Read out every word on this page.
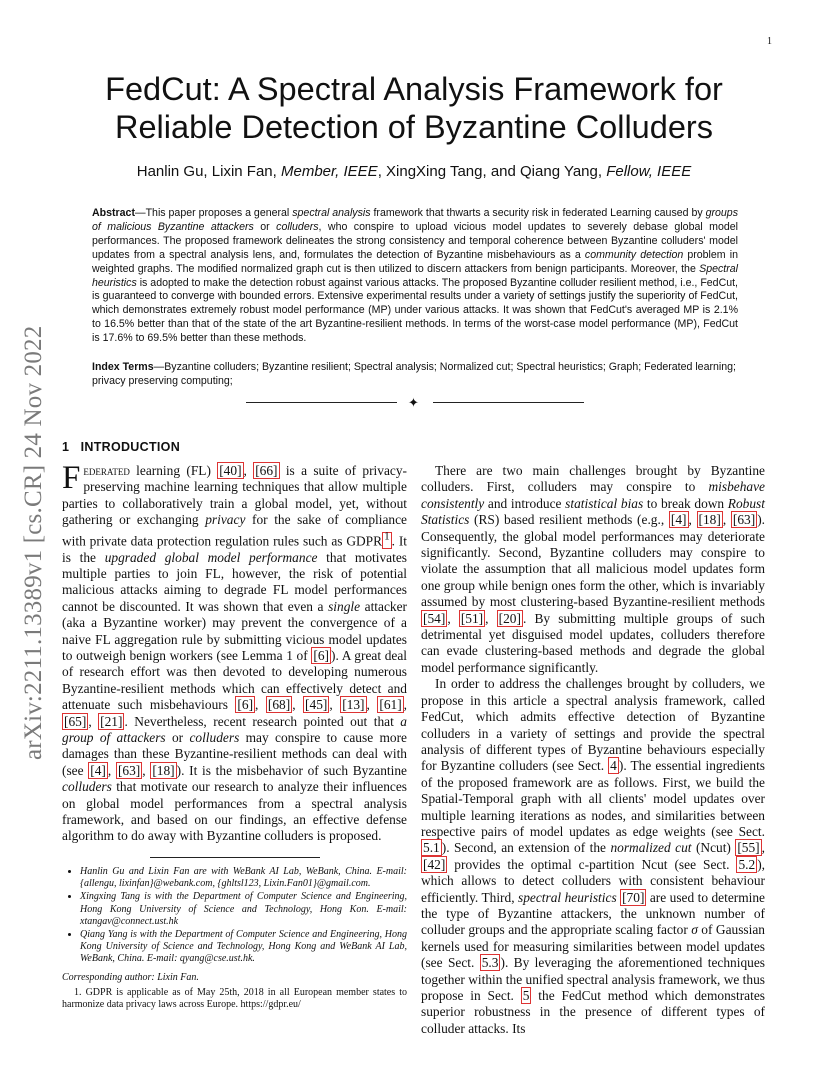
1
arXiv:2211.13389v1 [cs.CR] 24 Nov 2022
FedCut: A Spectral Analysis Framework for
Reliable Detection of Byzantine Colluders
Hanlin Gu, Lixin Fan, Member, IEEE, XingXing Tang, and Qiang Yang, Fellow, IEEE
Abstract—This paper proposes a general spectral analysis framework that thwarts a security risk in federated Learning caused by groups of malicious Byzantine attackers or colluders, who conspire to upload vicious model updates to severely debase global model performances. The proposed framework delineates the strong consistency and temporal coherence between Byzantine colluders' model updates from a spectral analysis lens, and, formulates the detection of Byzantine misbehaviours as a community detection problem in weighted graphs. The modified normalized graph cut is then utilized to discern attackers from benign participants. Moreover, the Spectral heuristics is adopted to make the detection robust against various attacks. The proposed Byzantine colluder resilient method, i.e., FedCut, is guaranteed to converge with bounded errors. Extensive experimental results under a variety of settings justify the superiority of FedCut, which demonstrates extremely robust model performance (MP) under various attacks. It was shown that FedCut's averaged MP is 2.1% to 16.5% better than that of the state of the art Byzantine-resilient methods. In terms of the worst-case model performance (MP), FedCut is 17.6% to 69.5% better than these methods.
Index Terms—Byzantine colluders; Byzantine resilient; Spectral analysis; Normalized cut; Spectral heuristics; Graph; Federated learning; privacy preserving computing;
✦
1 INTRODUCTION

Federated learning (FL) [40] , [66] is a suite of privacy-preserving machine learning techniques that allow multiple parties to collaboratively train a global model, yet, without gathering or exchanging privacy for the sake of compliance with private data protection regulation rules such as GDPR $^1$ . It is the upgraded global model performance that motivates multiple parties to join FL, however, the risk of potential malicious attacks aiming to degrade FL model performances cannot be discounted. It was shown that even a single attacker (aka a Byzantine worker) may prevent the convergence of a naive FL aggregation rule by submitting vicious model updates to outweigh benign workers (see Lemma 1 of [6] ). A great deal of research effort was then devoted to developing numerous Byzantine-resilient methods which can effectively detect and attenuate such misbehaviours [6] , [68] , [45] , [13] , [61] , [65] , [21] . Nevertheless, recent research pointed out that a group of attackers or colluders may conspire to cause more damages than these Byzantine-resilient methods can deal with (see [4] , [63] , [18] ). It is the misbehavior of such Byzantine colluders that motivate our research to analyze their influences on global model performances from a spectral analysis framework, and based on our findings, an effective defense algorithm to do away with Byzantine colluders is proposed.

There are two main challenges brought by Byzantine colluders. First, colluders may conspire to misbehave consistently and introduce statistical bias to break down Robust Statistics (RS) based resilient methods (e.g., [4] , [18] , [63] ). Consequently, the global model performances may deteriorate significantly. Second, Byzantine colluders may conspire to violate the assumption that all malicious model updates form one group while benign ones form the other, which is invariably assumed by most clustering-based Byzantine-resilient methods [54] , [51] , [20] . By submitting multiple groups of such detrimental yet disguised model updates, colluders therefore can evade clustering-based methods and degrade the global model performance significantly.

In order to address the challenges brought by colluders, we propose in this article a spectral analysis framework, called FedCut, which admits effective detection of Byzantine colluders in a variety of settings and provide the spectral analysis of different types of Byzantine behaviours especially for Byzantine colluders (see Sect. 4 ). The essential ingredients of the proposed framework are as follows. First, we build the Spatial-Temporal graph with all clients' model updates over multiple learning iterations as nodes, and similarities between respective pairs of model updates as edge weights (see Sect. 5.1 ). Second, an extension of the normalized cut (Ncut) [55] , [42] provides the optimal c-partition Ncut (see Sect. 5.2 ), which allows to detect colluders with consistent behaviour efficiently. Third, spectral heuristics [70] are used to determine the type of Byzantine attackers, the unknown number of colluder groups and the appropriate scaling factor σ of Gaussian kernels used for measuring similarities between model updates (see Sect. 5.3 ). By leveraging the aforementioned techniques together within the unified spectral analysis framework, we thus propose in Sect. 5 the FedCut method which demonstrates superior robustness in the presence of different types of colluder attacks. Its

• Hanlin Gu and Lixin Fan are with WeBank AI Lab, WeBank, China. E-mail: {allengu, lixinfan}@webank.com, {ghltsl123, Lixin.Fan01}@gmail.com.
• Xingxing Tang is with the Department of Computer Science and Engineering, Hong Kong University of Science and Technology, Hong Kon. E-mail: xtangav@connect.ust.hk
• Qiang Yang is with the Department of Computer Science and Engineering, Hong Kong University of Science and Technology, Hong Kong and WeBank AI Lab, WeBank, China. E-mail: qyang@cse.ust.hk.
Corresponding author: Lixin Fan.
1. GDPR is applicable as of May 25th, 2018 in all European member states to harmonize data privacy laws across Europe. https://gdpr.eu/
